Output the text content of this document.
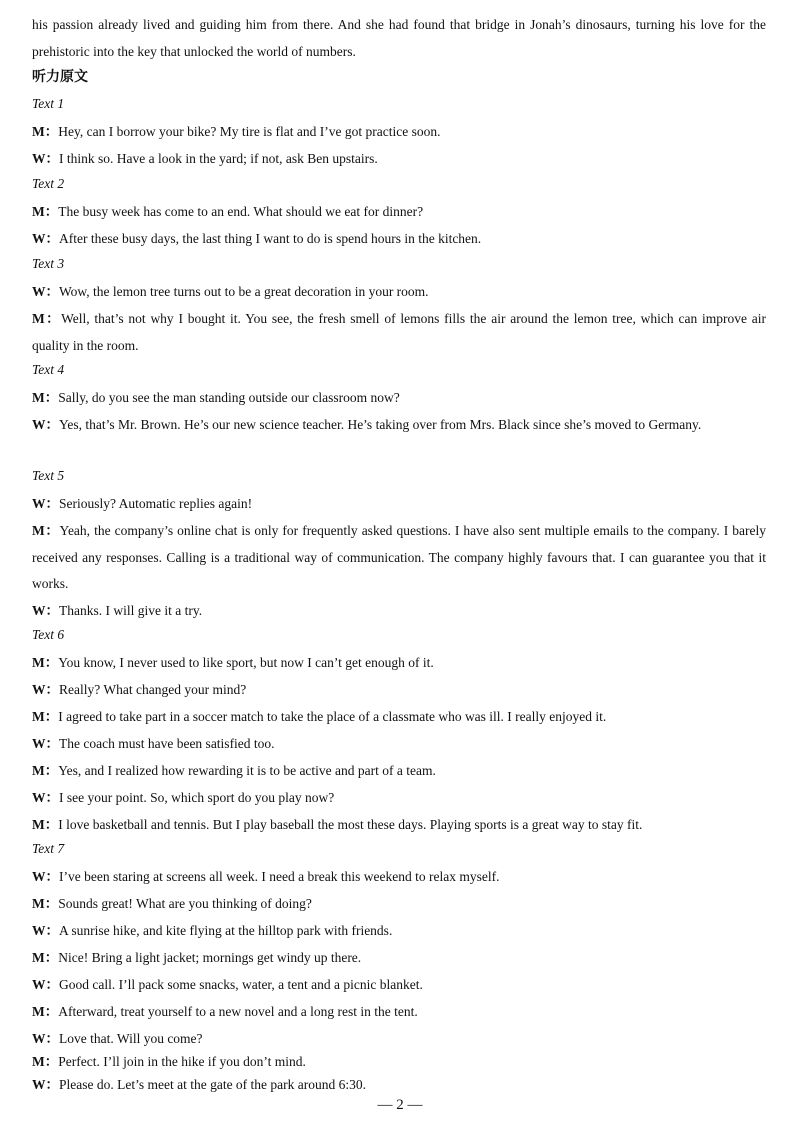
his passion already lived and guiding him from there. And she had found that bridge in Jonah’s dinosaurs, turning his love for the prehistoric into the key that unlocked the world of numbers.
听力原文
Text 1
M：Hey, can I borrow your bike? My tire is flat and I’ve got practice soon.
W：I think so. Have a look in the yard; if not, ask Ben upstairs.
Text 2
M：The busy week has come to an end. What should we eat for dinner?
W：After these busy days, the last thing I want to do is spend hours in the kitchen.
Text 3
W：Wow, the lemon tree turns out to be a great decoration in your room.
M：Well, that’s not why I bought it. You see, the fresh smell of lemons fills the air around the lemon tree, which can improve air quality in the room.
Text 4
M：Sally, do you see the man standing outside our classroom now?
W：Yes, that’s Mr. Brown. He’s our new science teacher. He’s taking over from Mrs. Black since she’s moved to Germany.
Text 5
W：Seriously? Automatic replies again!
M：Yeah, the company’s online chat is only for frequently asked questions. I have also sent multiple emails to the company. I barely received any responses. Calling is a traditional way of communication. The company highly favours that. I can guarantee you that it works.
W：Thanks. I will give it a try.
Text 6
M：You know, I never used to like sport, but now I can’t get enough of it.
W：Really? What changed your mind?
M：I agreed to take part in a soccer match to take the place of a classmate who was ill. I really enjoyed it.
W：The coach must have been satisfied too.
M：Yes, and I realized how rewarding it is to be active and part of a team.
W：I see your point. So, which sport do you play now?
M：I love basketball and tennis. But I play baseball the most these days. Playing sports is a great way to stay fit.
Text 7
W：I’ve been staring at screens all week. I need a break this weekend to relax myself.
M：Sounds great! What are you thinking of doing?
W：A sunrise hike, and kite flying at the hilltop park with friends.
M：Nice! Bring a light jacket; mornings get windy up there.
W：Good call. I’ll pack some snacks, water, a tent and a picnic blanket.
M：Afterward, treat yourself to a new novel and a long rest in the tent.
W：Love that. Will you come?
M：Perfect. I’ll join in the hike if you don’t mind.
W：Please do. Let’s meet at the gate of the park around 6:30.
— 2 —
